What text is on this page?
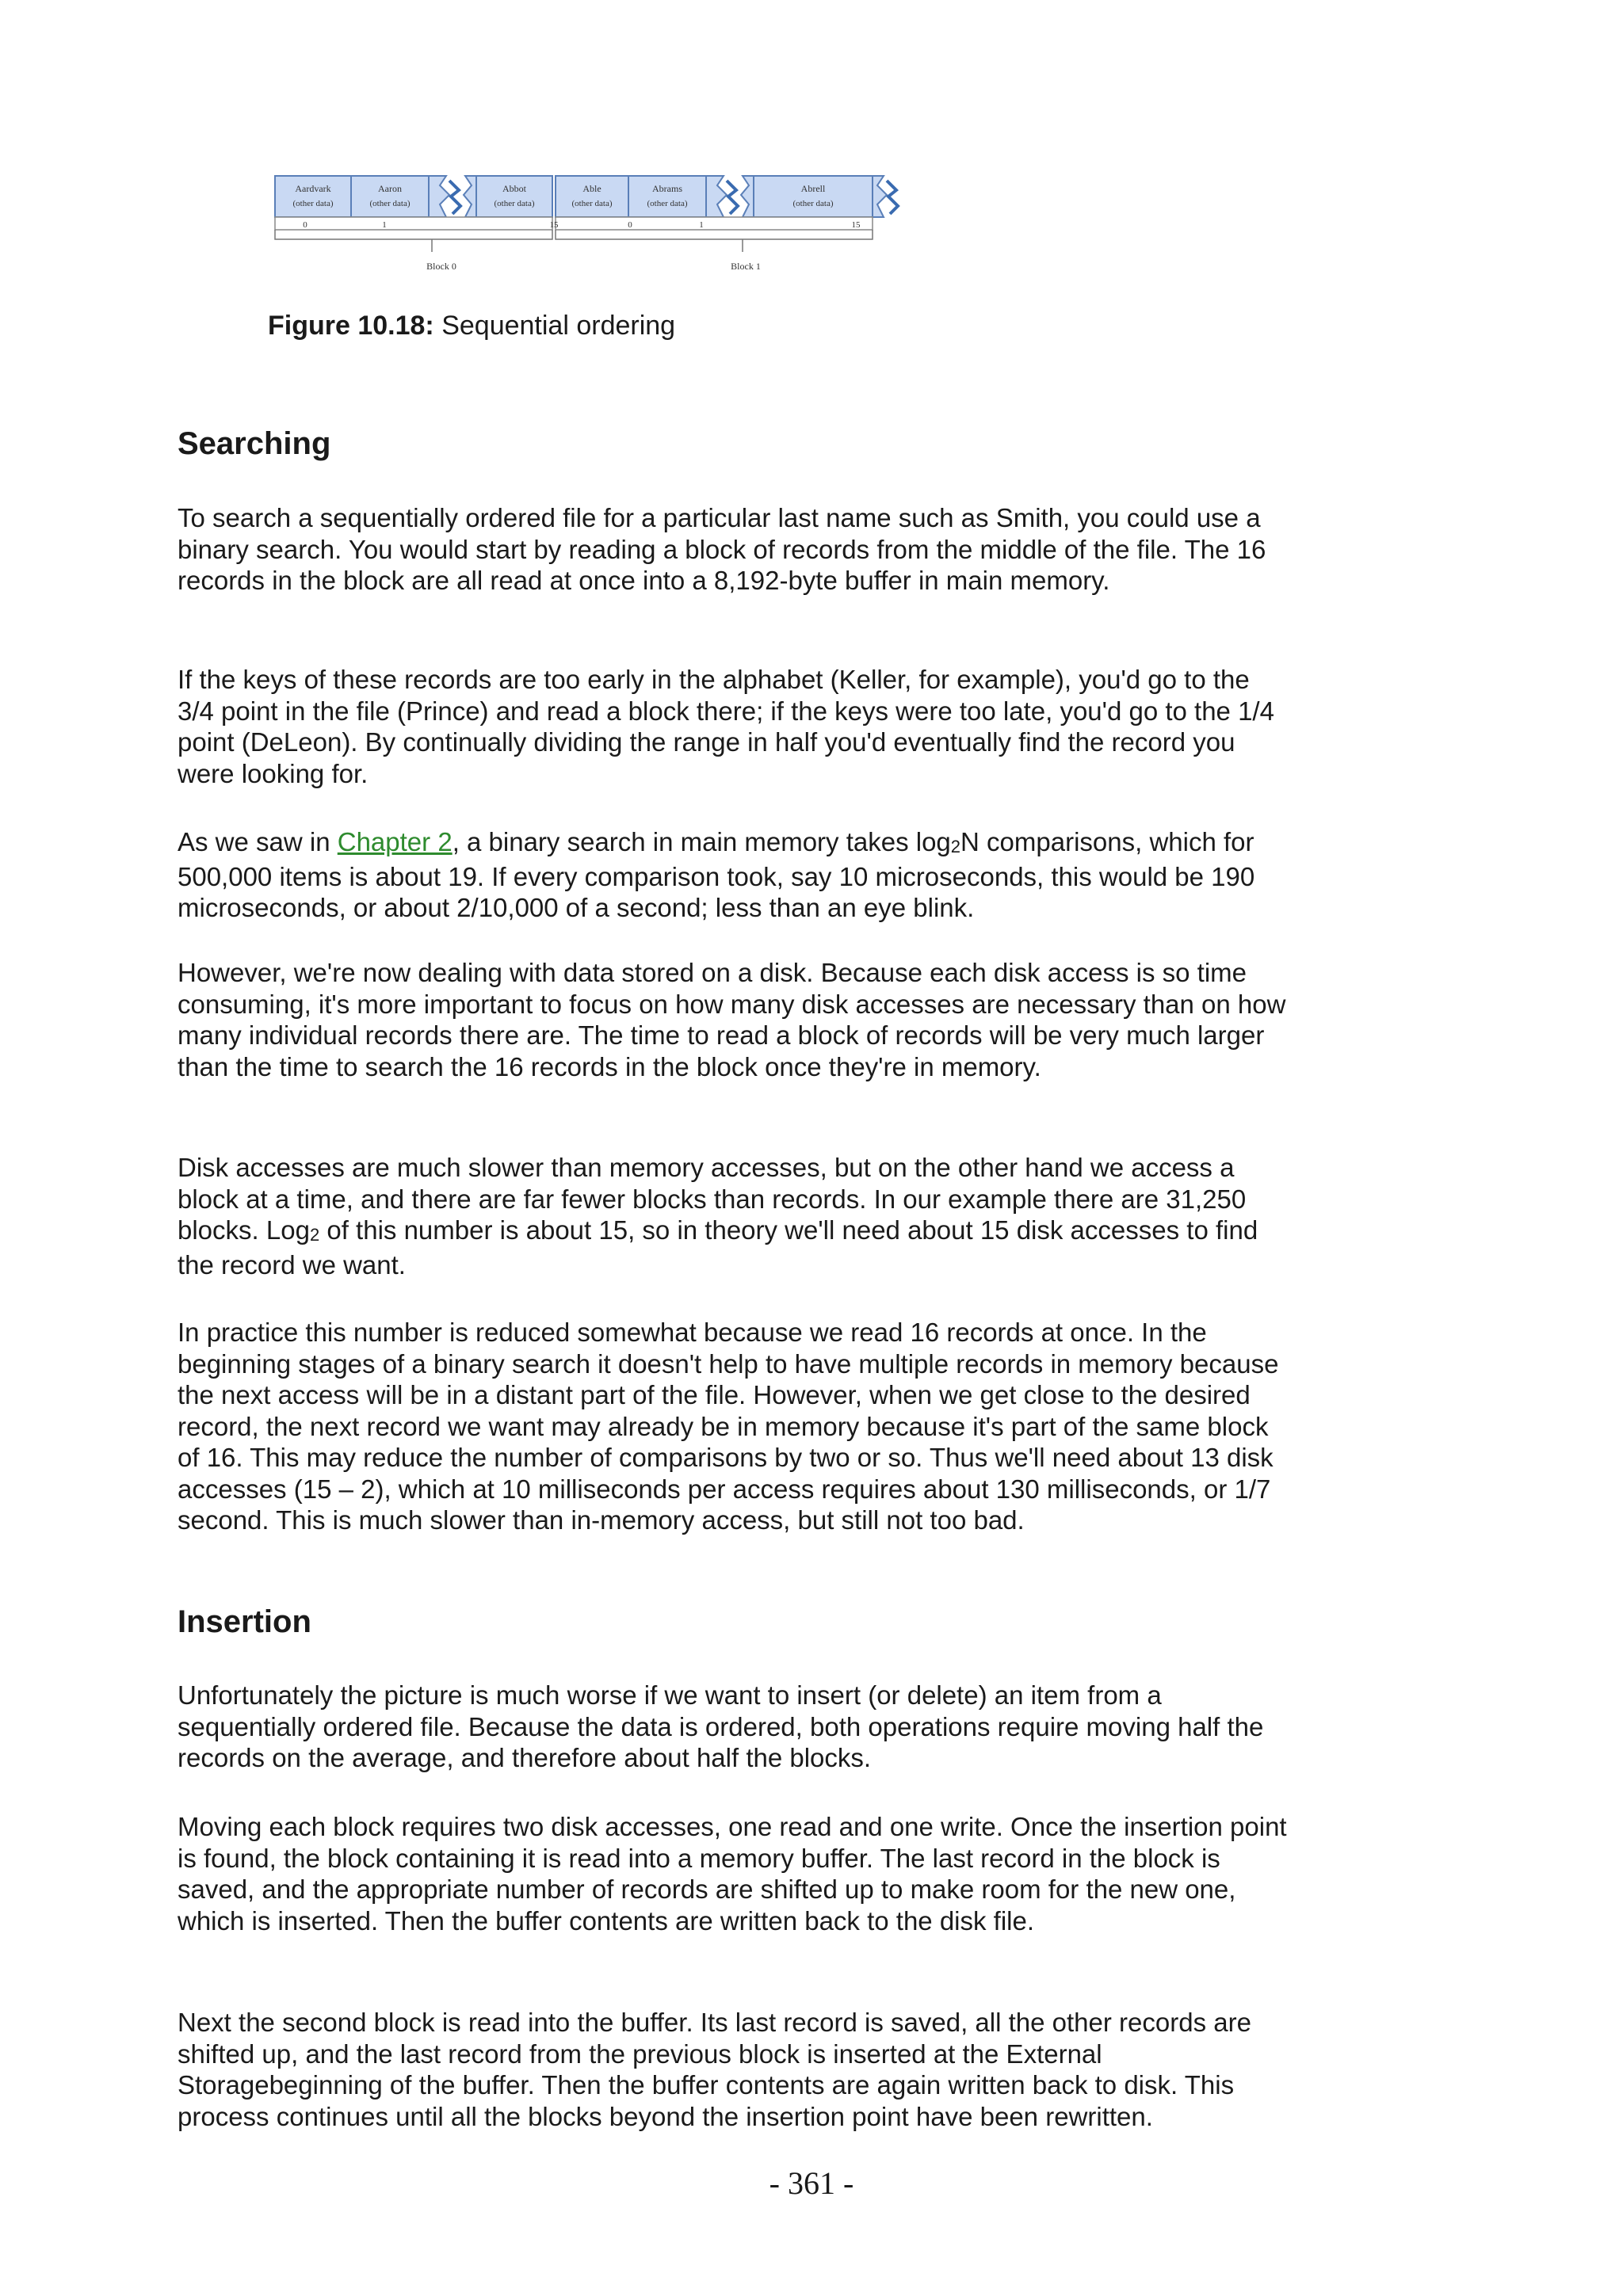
Aardvark
(other data)
Aaron
(other data)
Abbot
(other data)
Able
(other data)
Abrams
(other data)
Abrell
(other data)
0	1	15	0	1	15
Block 0	Block 1
Figure 10.18: Sequential ordering
Searching

To search a sequentially ordered file for a particular last name such as Smith, you could use a binary search. You would start by reading a block of records from the middle of the file. The 16 records in the block are all read at once into a 8,192-byte buffer in main memory.

If the keys of these records are too early in the alphabet (Keller, for example), you'd go to the 3/4 point in the file (Prince) and read a block there; if the keys were too late, you'd go to the 1/4 point (DeLeon). By continually dividing the range in half you'd eventually find the record you were looking for.

As we saw in Chapter 2, a binary search in main memory takes $\log_2N$ comparisons, which for 500,000 items is about 19. If every comparison took, say 10 microseconds, this would be 190 microseconds, or about 2/10,000 of a second; less than an eye blink.

However, we're now dealing with data stored on a disk. Because each disk access is so time consuming, it's more important to focus on how many disk accesses are necessary than on how many individual records there are. The time to read a block of records will be very much larger than the time to search the 16 records in the block once they're in memory.

Disk accesses are much slower than memory accesses, but on the other hand we access a block at a time, and there are far fewer blocks than records. In our example there are 31,250 blocks. Log$_2$ of this number is about 15, so in theory we'll need about 15 disk accesses to find the record we want.

In practice this number is reduced somewhat because we read 16 records at once. In the beginning stages of a binary search it doesn't help to have multiple records in memory because the next access will be in a distant part of the file. However, when we get close to the desired record, the next record we want may already be in memory because it's part of the same block of 16. This may reduce the number of comparisons by two or so. Thus we'll need about 13 disk accesses (15 – 2), which at 10 milliseconds per access requires about 130 milliseconds, or 1/7 second. This is much slower than in-memory access, but still not too bad.

Insertion

Unfortunately the picture is much worse if we want to insert (or delete) an item from a sequentially ordered file. Because the data is ordered, both operations require moving half the records on the average, and therefore about half the blocks.

Moving each block requires two disk accesses, one read and one write. Once the insertion point is found, the block containing it is read into a memory buffer. The last record in the block is saved, and the appropriate number of records are shifted up to make room for the new one, which is inserted. Then the buffer contents are written back to the disk file.

Next the second block is read into the buffer. Its last record is saved, all the other records are shifted up, and the last record from the previous block is inserted at the External Storagebeginning of the buffer. Then the buffer contents are again written back to disk. This process continues until all the blocks beyond the insertion point have been rewritten.

- 361 -
